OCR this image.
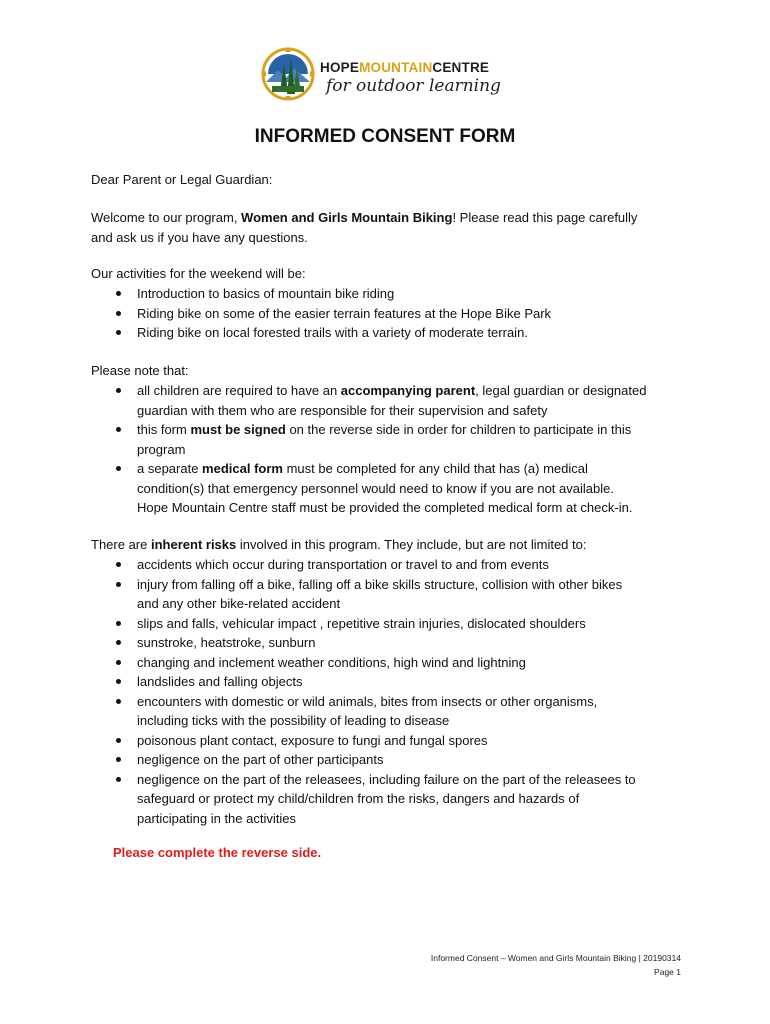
HOPEMOUNTAINCENTRE
for outdoor learning
INFORMED CONSENT FORM

Dear Parent or Legal Guardian:

Welcome to our program, Women and Girls Mountain Biking! Please read this page carefully
and ask us if you have any questions.

Our activities for the weekend will be:

Introduction to basics of mountain bike riding
Riding bike on some of the easier terrain features at the Hope Bike Park
Riding bike on local forested trails with a variety of moderate terrain.

Please note that:

all children are required to have an accompanying parent, legal guardian or designated
guardian with them who are responsible for their supervision and safety
this form must be signed on the reverse side in order for children to participate in this
program
a separate medical form must be completed for any child that has (a) medical
condition(s) that emergency personnel would need to know if you are not available.
Hope Mountain Centre staff must be provided the completed medical form at check-in.

There are inherent risks involved in this program. They include, but are not limited to:

accidents which occur during transportation or travel to and from events
injury from falling off a bike, falling off a bike skills structure, collision with other bikes
and any other bike-related accident
slips and falls, vehicular impact , repetitive strain injuries, dislocated shoulders
sunstroke, heatstroke, sunburn
changing and inclement weather conditions, high wind and lightning
landslides and falling objects
encounters with domestic or wild animals, bites from insects or other organisms,
including ticks with the possibility of leading to disease
poisonous plant contact, exposure to fungi and fungal spores
negligence on the part of other participants
negligence on the part of the releasees, including failure on the part of the releasees to
safeguard or protect my child/children from the risks, dangers and hazards of
participating in the activities
Please complete the reverse side.
Informed Consent – Women and Girls Mountain Biking | 20190314
Page 1
